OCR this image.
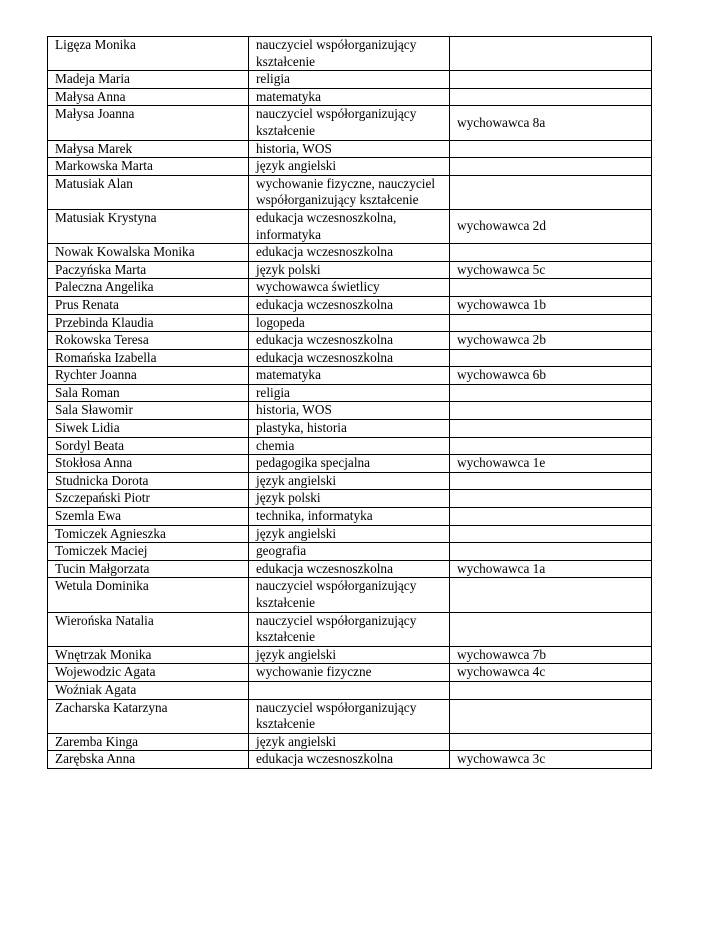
Ligęza Monika	nauczyciel współorganizujący kształcenie	
Madeja Maria	religia	
Małysa Anna	matematyka	
Małysa Joanna	nauczyciel współorganizujący kształcenie	wychowawca 8a
Małysa Marek	historia, WOS	
Markowska Marta	język angielski	
Matusiak Alan	wychowanie fizyczne, nauczyciel współorganizujący kształcenie	
Matusiak Krystyna	edukacja wczesnoszkolna, informatyka	wychowawca 2d
Nowak Kowalska Monika	edukacja wczesnoszkolna	
Paczyńska Marta	język polski	wychowawca 5c
Paleczna Angelika	wychowawca świetlicy	
Prus Renata	edukacja wczesnoszkolna	wychowawca 1b
Przebinda Klaudia	logopeda	
Rokowska Teresa	edukacja wczesnoszkolna	wychowawca 2b
Romańska Izabella	edukacja wczesnoszkolna	
Rychter Joanna	matematyka	wychowawca 6b
Sala Roman	religia	
Sala Sławomir	historia, WOS	
Siwek Lidia	plastyka, historia	
Sordyl Beata	chemia	
Stokłosa Anna	pedagogika specjalna	wychowawca 1e
Studnicka Dorota	język angielski	
Szczepański Piotr	język polski	
Szemla Ewa	technika, informatyka	
Tomiczek Agnieszka	język angielski	
Tomiczek Maciej	geografia	
Tucin Małgorzata	edukacja wczesnoszkolna	wychowawca 1a
Wetula Dominika	nauczyciel współorganizujący kształcenie	
Wierońska Natalia	nauczyciel współorganizujący kształcenie	
Wnętrzak Monika	język angielski	wychowawca 7b
Wojewodzic Agata	wychowanie fizyczne	wychowawca 4c
Woźniak Agata		
Zacharska Katarzyna	nauczyciel współorganizujący kształcenie	
Zaremba Kinga	język angielski	
Zarębska Anna	edukacja wczesnoszkolna	wychowawca 3c
